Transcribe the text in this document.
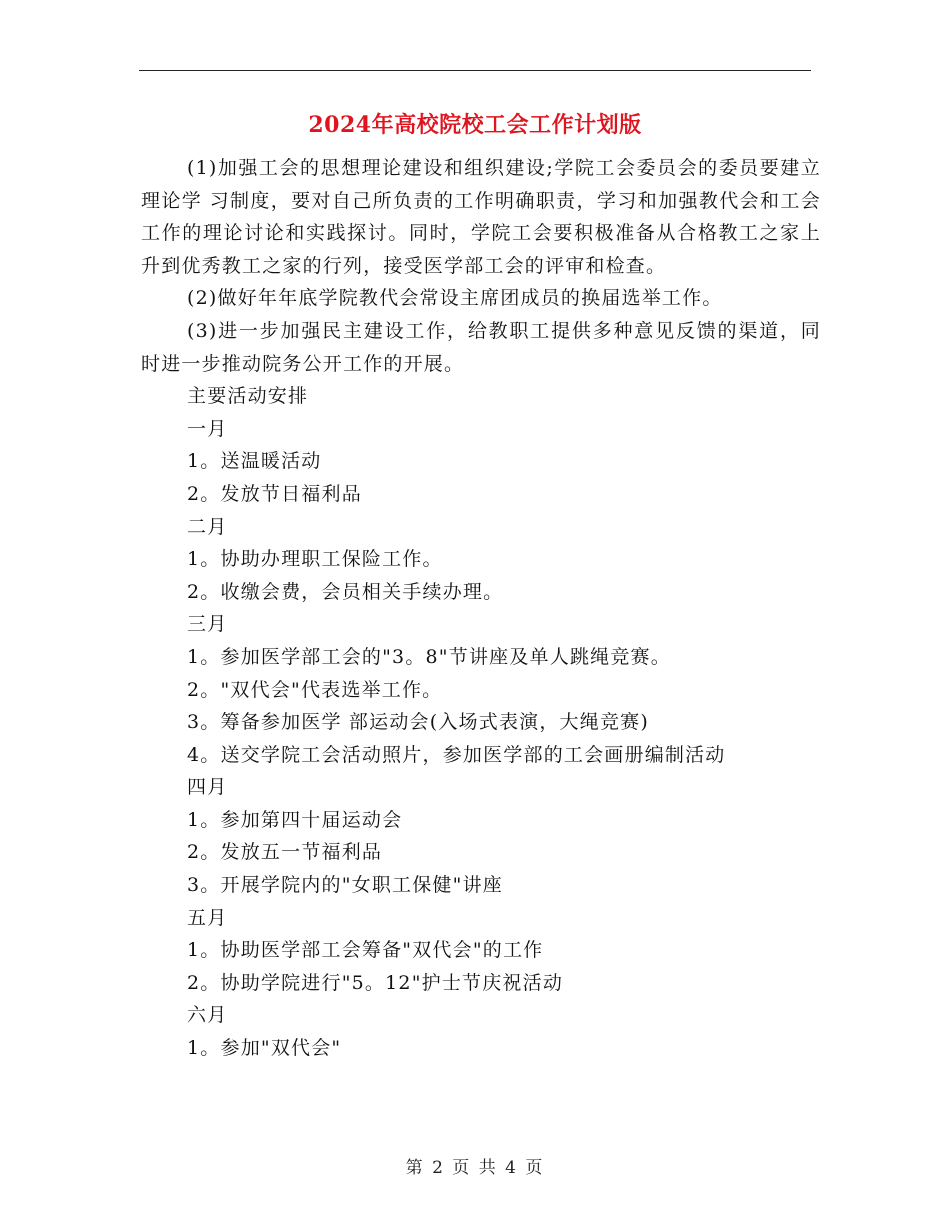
2024年高校院校工会工作计划版

(1)加强工会的思想理论建设和组织建设;学院工会委员会的委员要建立理论学 习制度，要对自己所负责的工作明确职责，学习和加强教代会和工会工作的理论讨论和实践探讨。同时，学院工会要积极准备从合格教工之家上升到优秀教工之家的行列，接受医学部工会的评审和检查。

(2)做好年年底学院教代会常设主席团成员的换届选举工作。

(3)进一步加强民主建设工作，给教职工提供多种意见反馈的渠道，同时进一步推动院务公开工作的开展。

主要活动安排

一月

1。送温暖活动

2。发放节日福利品

二月

1。协助办理职工保险工作。

2。收缴会费，会员相关手续办理。

三月

1。参加医学部工会的"3。8"节讲座及单人跳绳竞赛。

2。"双代会"代表选举工作。

3。筹备参加医学 部运动会(入场式表演，大绳竞赛)

4。送交学院工会活动照片，参加医学部的工会画册编制活动

四月

1。参加第四十届运动会

2。发放五一节福利品

3。开展学院内的"女职工保健"讲座

五月

1。协助医学部工会筹备"双代会"的工作

2。协助学院进行"5。12"护士节庆祝活动

六月

1。参加"双代会"

第 2 页 共 4 页
